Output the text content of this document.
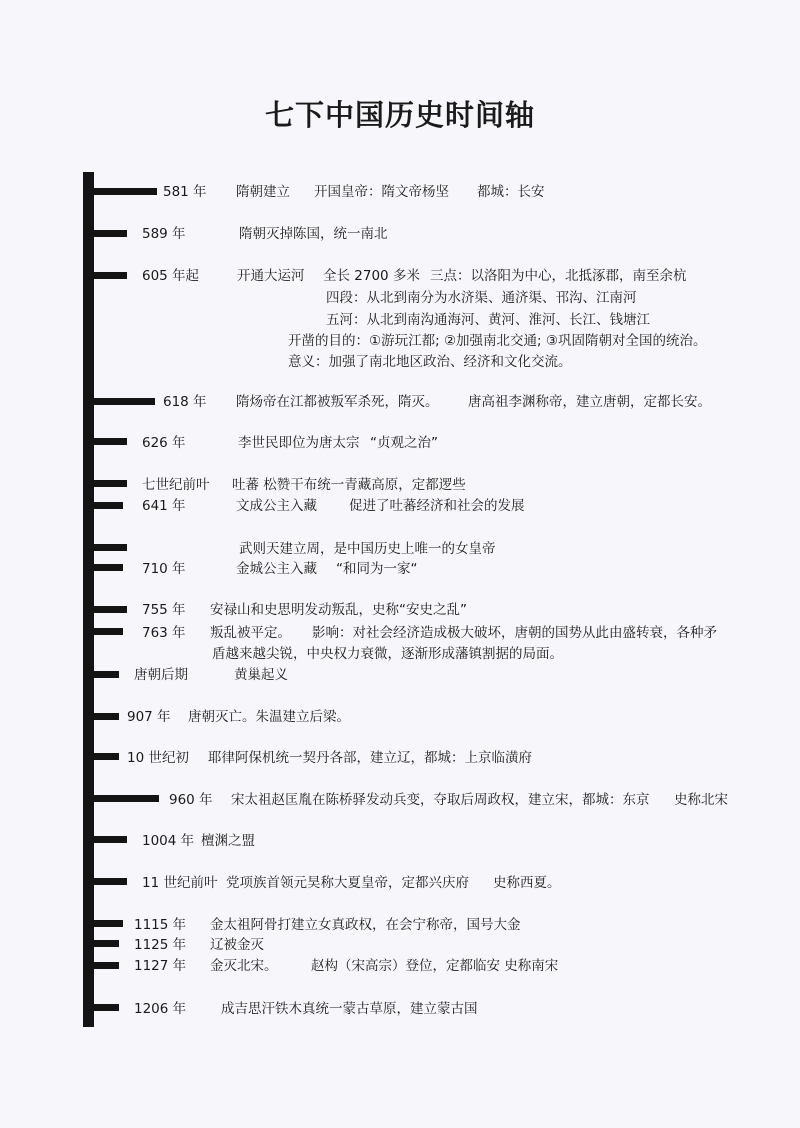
七下中国历史时间轴
581 年 隋朝建立 开国皇帝：隋文帝杨坚 都城：长安
589 年	隋朝灭掉陈国，统一南北
605 年起	开通大运河 全长 2700 多米 三点：以洛阳为中心，北抵涿郡，南至余杭
四段：从北到南分为水济渠、通济渠、邗沟、江南河
五河：从北到南沟通海河、黄河、淮河、长江、钱塘江
开凿的目的：①游玩江都; ②加强南北交通; ③巩固隋朝对全国的统治。
意义：加强了南北地区政治、经济和文化交流。
618 年 隋炀帝在江都被叛军杀死，隋灭。 唐高祖李渊称帝，建立唐朝，定都长安。
626 年	李世民即位为唐太宗 “贞观之治”
七世纪前叶 吐蕃 松赞干布统一青藏高原，定都逻些
641 年	文成公主入藏 促进了吐蕃经济和社会的发展
武则天建立周，是中国历史上唯一的女皇帝
710 年	金城公主入藏 “和同为一家“
755 年 安禄山和史思明发动叛乱，史称“安史之乱”
763 年 叛乱被平定。 影响：对社会经济造成极大破坏，唐朝的国势从此由盛转衰，各种矛
盾越来越尖锐，中央权力衰微，逐渐形成藩镇割据的局面。
唐朝后期	黄巢起义
907 年 唐朝灭亡。朱温建立后梁。
10 世纪初 耶律阿保机统一契丹各部，建立辽，都城：上京临潢府
960 年 宋太祖赵匡胤在陈桥驿发动兵变，夺取后周政权，建立宋，都城：东京 史称北宋
1004 年 檀渊之盟
11 世纪前叶 党项族首领元昊称大夏皇帝，定都兴庆府 史称西夏。
1115 年 金太祖阿骨打建立女真政权，在会宁称帝，国号大金
1125 年 辽被金灭
1127 年 金灭北宋。 赵构（宋高宗）登位，定都临安 史称南宋
1206 年	成吉思汗铁木真统一蒙古草原，建立蒙古国
